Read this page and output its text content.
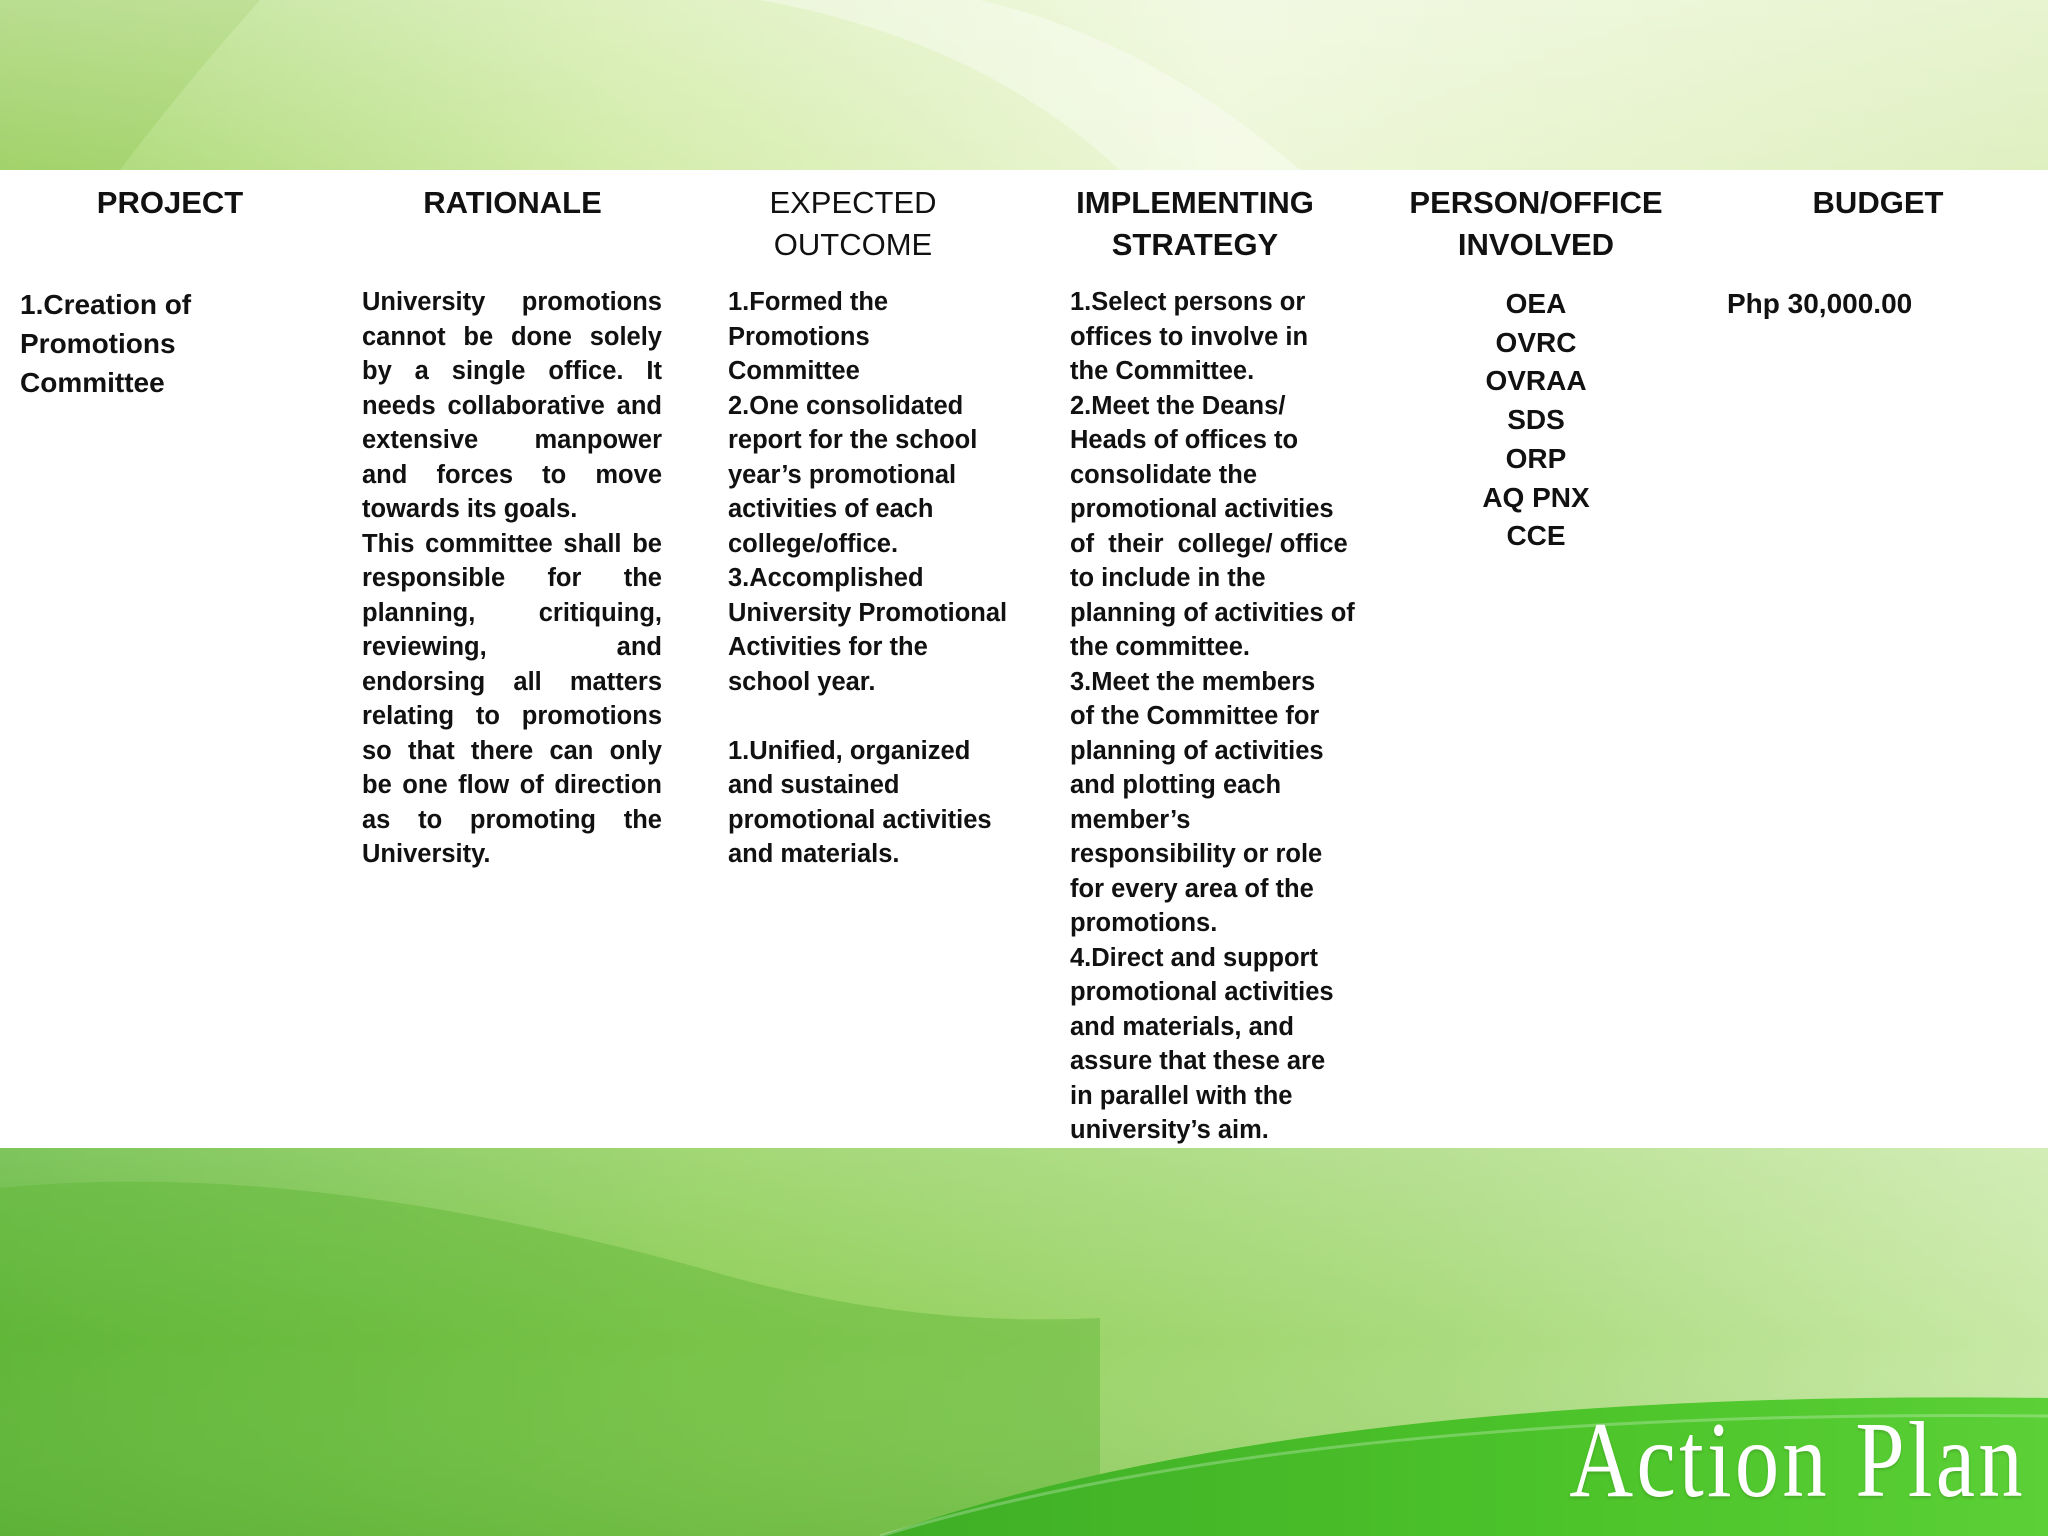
PROJECT	RATIONALE	EXPECTED OUTCOME
IMPLEMENTING
STRATEGY
PERSON/OFFICE
INVOLVED
BUDGET
1.Creation of
Promotions
Committee

University promotions cannot be done solely by a single office. It needs collaborative and extensive manpower and forces to move towards its goals.

This committee shall be responsible for the planning, critiquing, reviewing, and endorsing all matters relating to promotions so that there can only be one flow of direction as to promoting the University.

1.Formed the
Promotions
Committee
2.One consolidated
report for the school
year’s promotional
activities of each
college/office.
3.Accomplished
University Promotional
Activities for the
school year.
1.Unified, organized
and sustained
promotional activities
and materials.
1.Select persons or
offices to involve in
the Committee.
2.Meet the Deans/
Heads of offices to
consolidate the
promotional activities
of  their  college/ office
to include in the
planning of activities of
the committee.
3.Meet the members
of the Committee for
planning of activities
and plotting each
member’s
responsibility or role
for every area of the
promotions.
4.Direct and support
promotional activities
and materials, and
assure that these are
in parallel with the
university’s aim.
OEA
OVRC
OVRAA
SDS
ORP
AQ PNX
CCE
Php 30,000.00
Action Plan
